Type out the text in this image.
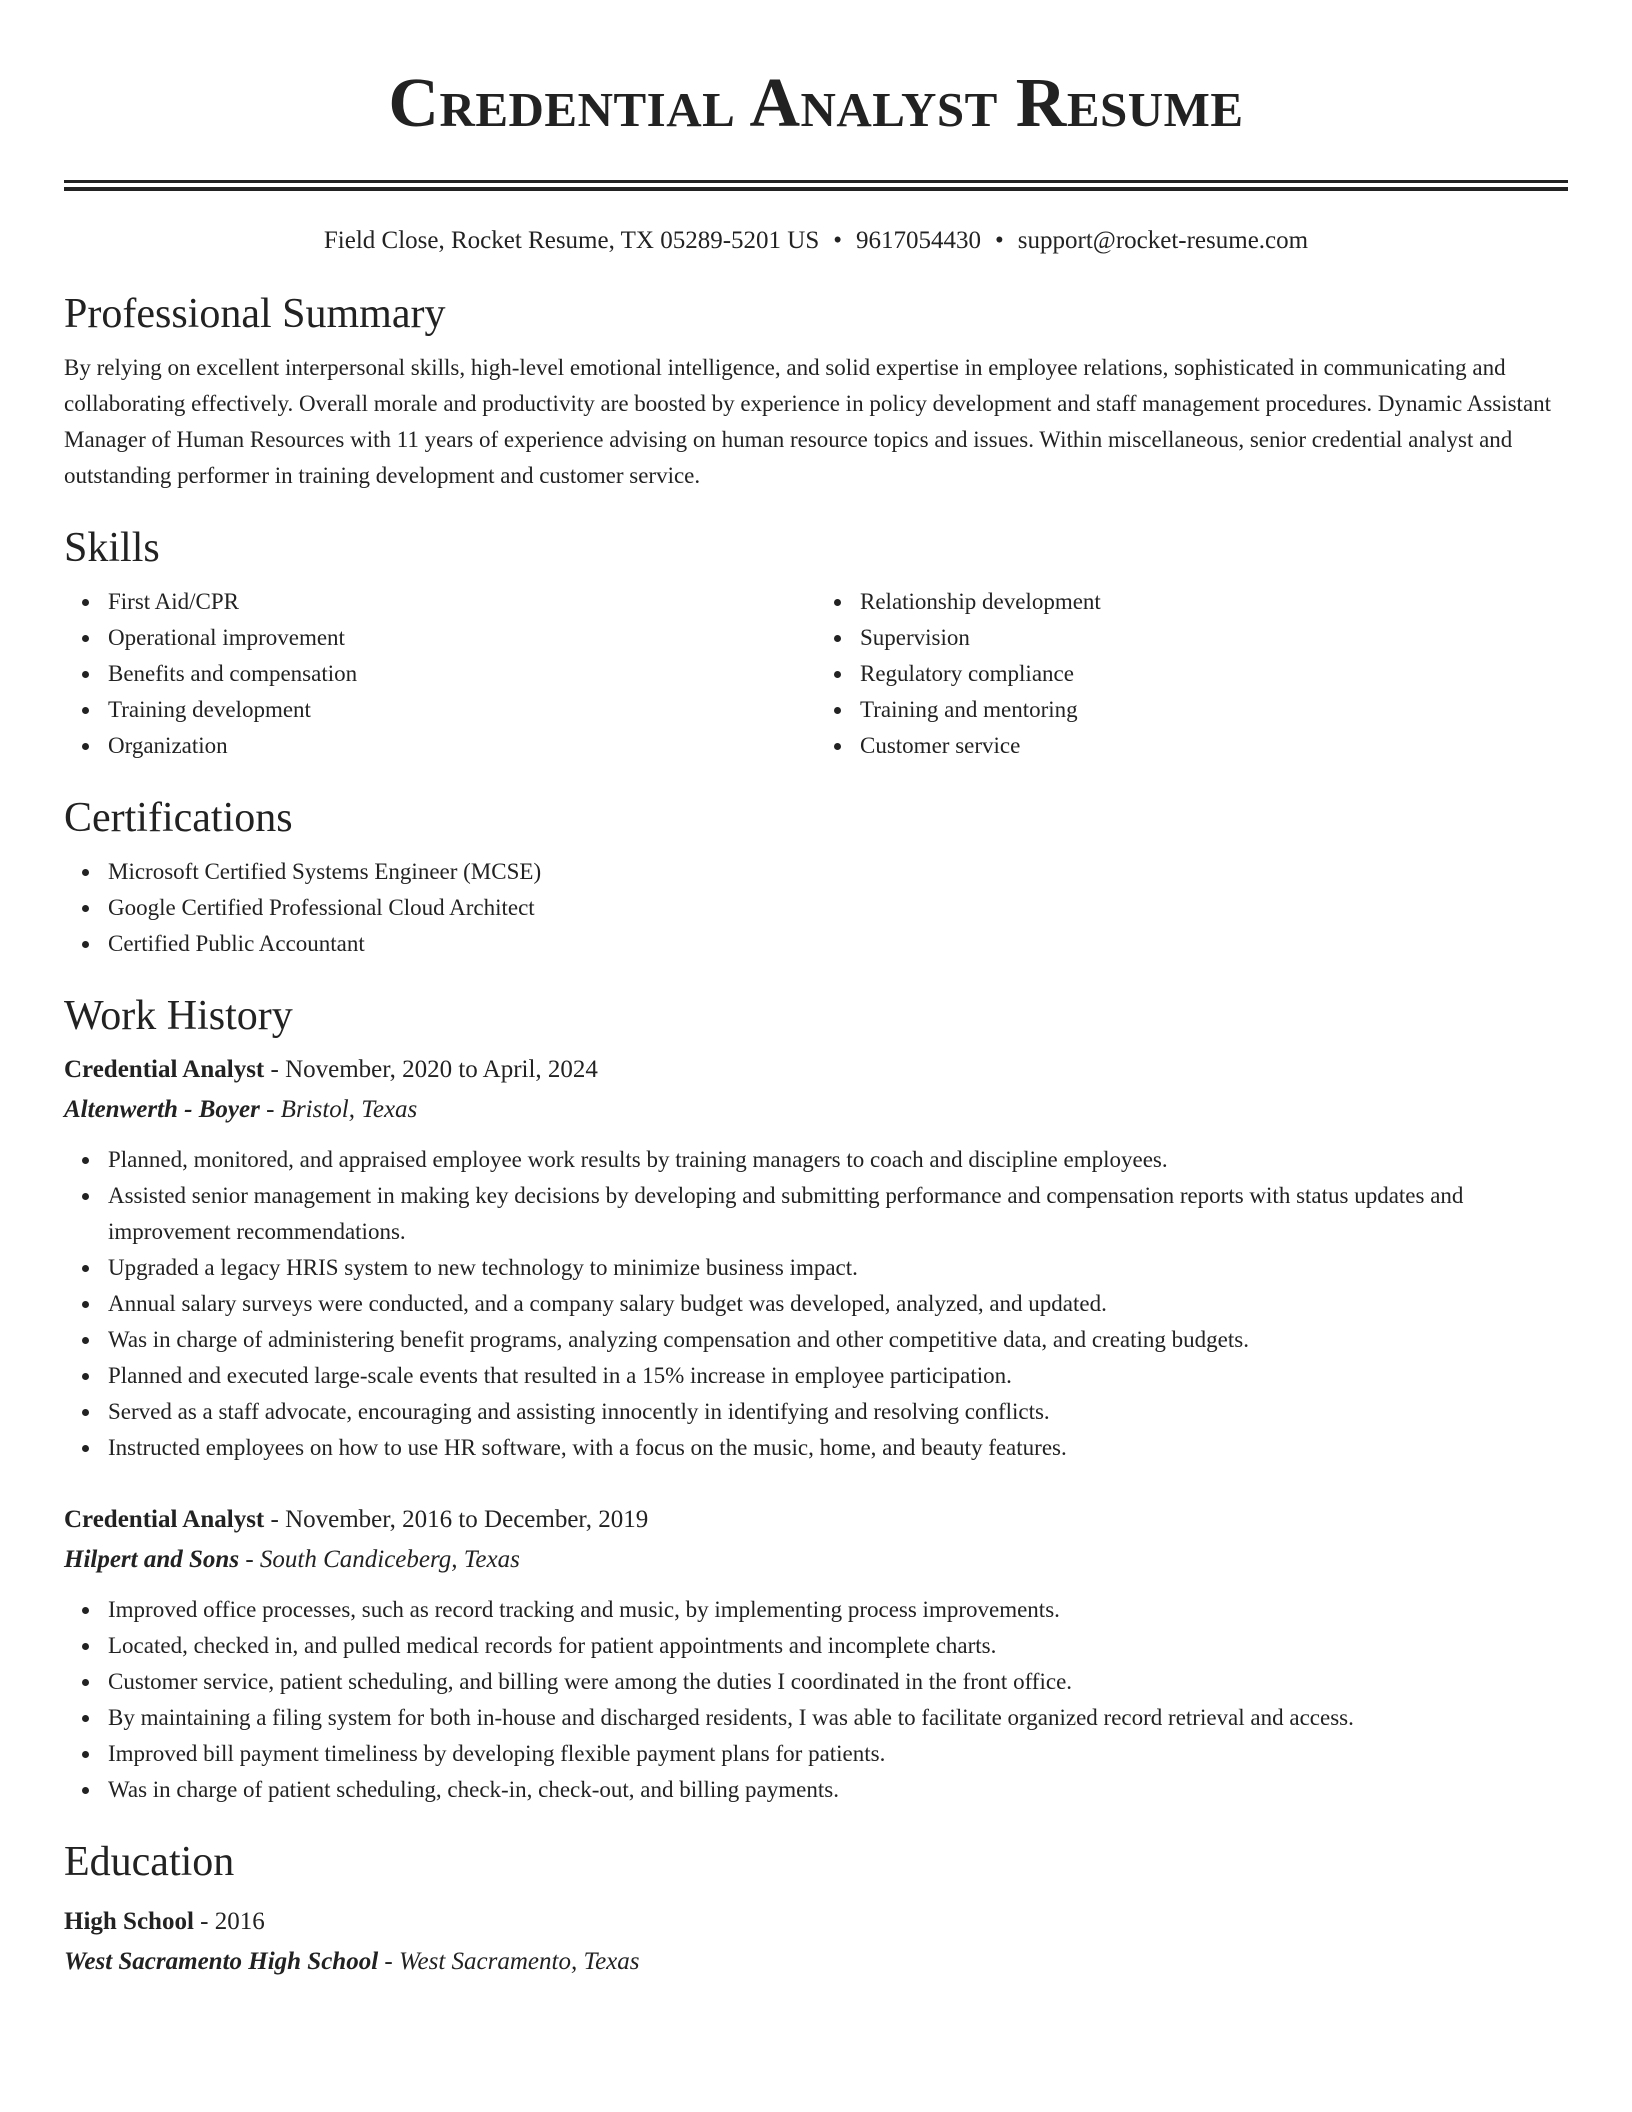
Credential Analyst Resume
Field Close, Rocket Resume, TX 05289-5201 US • 9617054430 • support@rocket-resume.com
Professional Summary

By relying on excellent interpersonal skills, high-level emotional intelligence, and solid expertise in employee relations, sophisticated in communicating and collaborating effectively. Overall morale and productivity are boosted by experience in policy development and staff management procedures. Dynamic Assistant Manager of Human Resources with 11 years of experience advising on human resource topics and issues. Within miscellaneous, senior credential analyst and outstanding performer in training development and customer service.

Skills
First Aid/CPR
Operational improvement
Benefits and compensation
Training development
Organization
Relationship development
Supervision
Regulatory compliance
Training and mentoring
Customer service
Certifications
Microsoft Certified Systems Engineer (MCSE)
Google Certified Professional Cloud Architect
Certified Public Accountant
Work History
Credential Analyst - November, 2020 to April, 2024
Altenwerth - Boyer - Bristol, Texas
Planned, monitored, and appraised employee work results by training managers to coach and discipline employees.
Assisted senior management in making key decisions by developing and submitting performance and compensation reports with status updates and improvement recommendations.
Upgraded a legacy HRIS system to new technology to minimize business impact.
Annual salary surveys were conducted, and a company salary budget was developed, analyzed, and updated.
Was in charge of administering benefit programs, analyzing compensation and other competitive data, and creating budgets.
Planned and executed large-scale events that resulted in a 15% increase in employee participation.
Served as a staff advocate, encouraging and assisting innocently in identifying and resolving conflicts.
Instructed employees on how to use HR software, with a focus on the music, home, and beauty features.
Credential Analyst - November, 2016 to December, 2019
Hilpert and Sons - South Candiceberg, Texas
Improved office processes, such as record tracking and music, by implementing process improvements.
Located, checked in, and pulled medical records for patient appointments and incomplete charts.
Customer service, patient scheduling, and billing were among the duties I coordinated in the front office.
By maintaining a filing system for both in-house and discharged residents, I was able to facilitate organized record retrieval and access.
Improved bill payment timeliness by developing flexible payment plans for patients.
Was in charge of patient scheduling, check-in, check-out, and billing payments.
Education
High School - 2016
West Sacramento High School - West Sacramento, Texas
